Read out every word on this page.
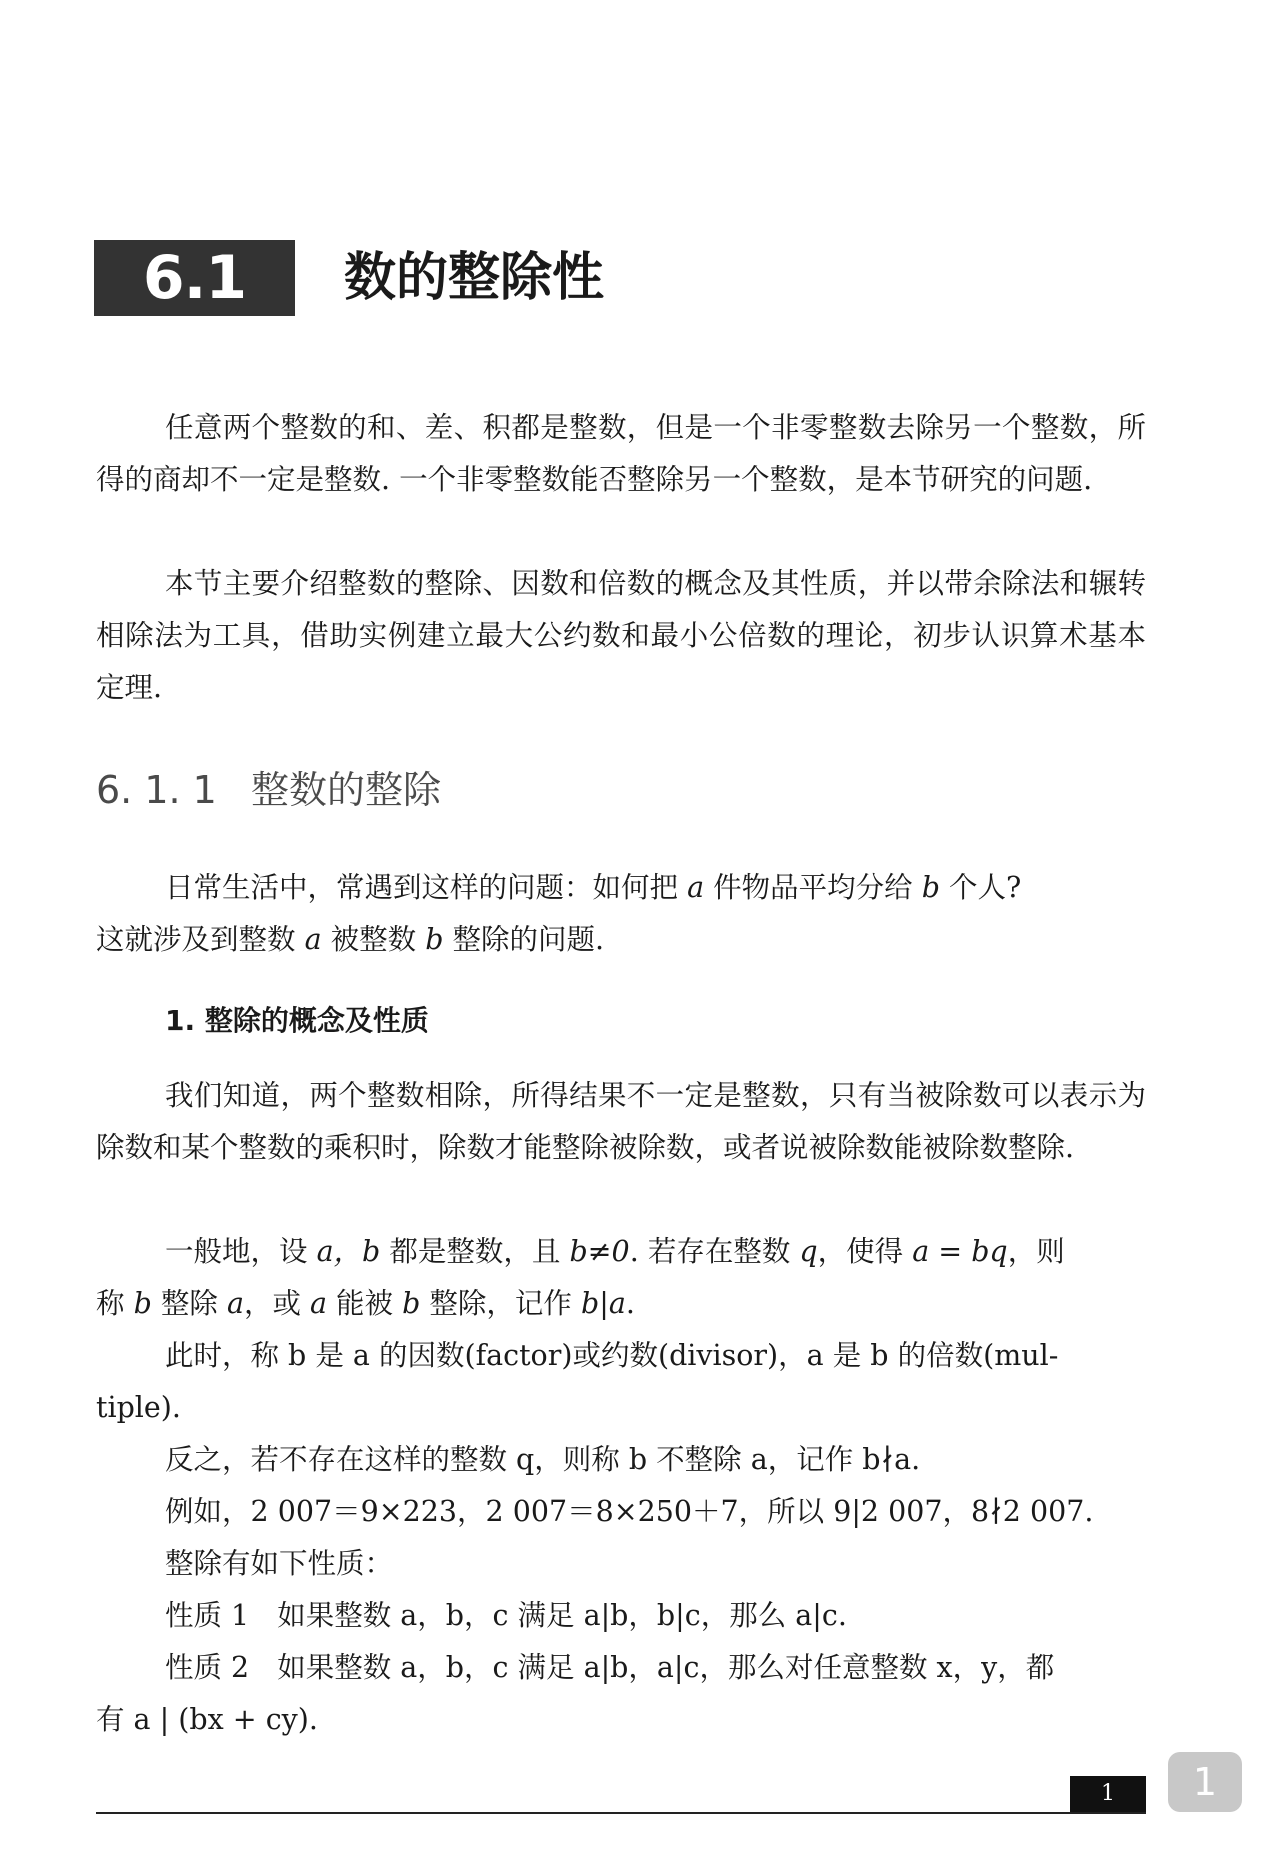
6.1	数的整除性

任意两个整数的和、差、积都是整数，但是一个非零整数去除另一个整数，所得的商却不一定是整数. 一个非零整数能否整除另一个整数，是本节研究的问题.

本节主要介绍整数的整除、因数和倍数的概念及其性质，并以带余除法和辗转相除法为工具，借助实例建立最大公约数和最小公倍数的理论，初步认识算术基本定理.

6. 1. 1 整数的整除

日常生活中，常遇到这样的问题：如何把 a 件物品平均分给 b 个人?

这就涉及到整数 a 被整数 b 整除的问题.

1. 整除的概念及性质

我们知道，两个整数相除，所得结果不一定是整数，只有当被除数可以表示为除数和某个整数的乘积时，除数才能整除被除数，或者说被除数能被除数整除.

一般地，设 a，b 都是整数，且 b≠0. 若存在整数 q，使得 a = bq，则

称 b 整除 a，或 a 能被 b 整除，记作 b|a.

此时，称 b 是 a 的因数(factor)或约数(divisor)，a 是 b 的倍数(mul-

tiple).

反之，若不存在这样的整数 q，则称 b 不整除 a，记作 b∤a.

例如，2 007＝9×223，2 007＝8×250＋7，所以 9|2 007，8∤2 007.

整除有如下性质：

性质 1 如果整数 a，b，c 满足 a|b，b|c，那么 a|c.

性质 2 如果整数 a，b，c 满足 a|b，a|c，那么对任意整数 x，y，都

有 a | (bx + cy).

1	1
